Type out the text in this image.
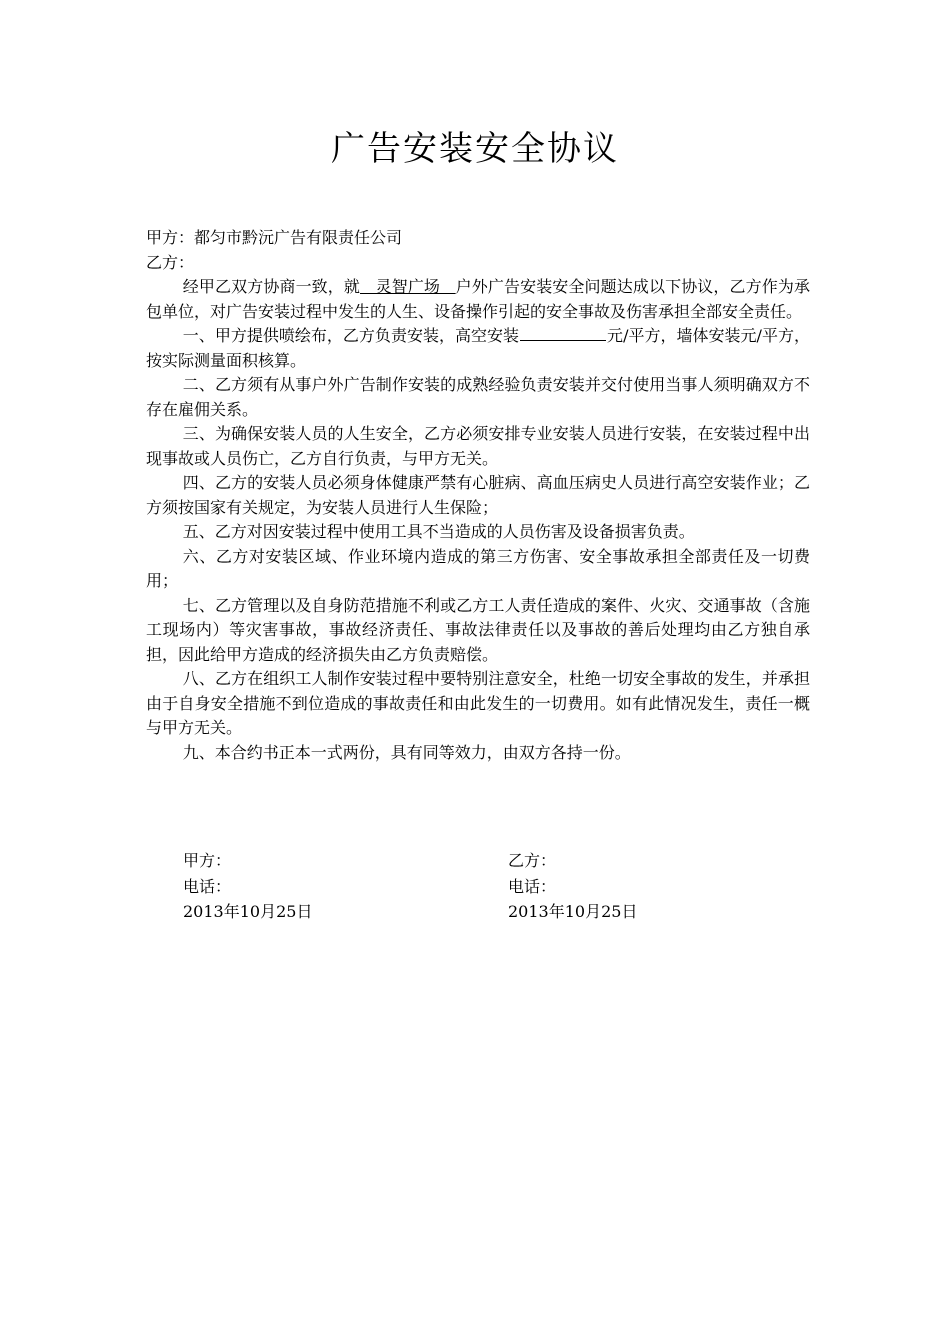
广告安装安全协议

甲方：都匀市黔沅广告有限责任公司

乙方：

经甲乙双方协商一致，就   灵智广场   户外广告安装安全问题达成以下协议，乙方作为承包单位，对广告安装过程中发生的人生、设备操作引起的安全事故及伤害承担全部安全责任。

一、甲方提供喷绘布，乙方负责安装，高空安装	元/平方，墙体安装元/平方，按实际测量面积核算。

二、乙方须有从事户外广告制作安装的成熟经验负责安装并交付使用当事人须明确双方不存在雇佣关系。

三、为确保安装人员的人生安全，乙方必须安排专业安装人员进行安装，在安装过程中出现事故或人员伤亡，乙方自行负责，与甲方无关。

四、乙方的安装人员必须身体健康严禁有心脏病、高血压病史人员进行高空安装作业；乙方须按国家有关规定，为安装人员进行人生保险；

五、乙方对因安装过程中使用工具不当造成的人员伤害及设备损害负责。

六、乙方对安装区域、作业环境内造成的第三方伤害、安全事故承担全部责任及一切费用；

七、乙方管理以及自身防范措施不利或乙方工人责任造成的案件、火灾、交通事故（含施工现场内）等灾害事故，事故经济责任、事故法律责任以及事故的善后处理均由乙方独自承担，因此给甲方造成的经济损失由乙方负责赔偿。

八、乙方在组织工人制作安装过程中要特别注意安全，杜绝一切安全事故的发生，并承担由于自身安全措施不到位造成的事故责任和由此发生的一切费用。如有此情况发生，责任一概与甲方无关。

九、本合约书正本一式两份，具有同等效力，由双方各持一份。

甲方：
电话：
2013年10月25日
乙方：
电话：
2013年10月25日
